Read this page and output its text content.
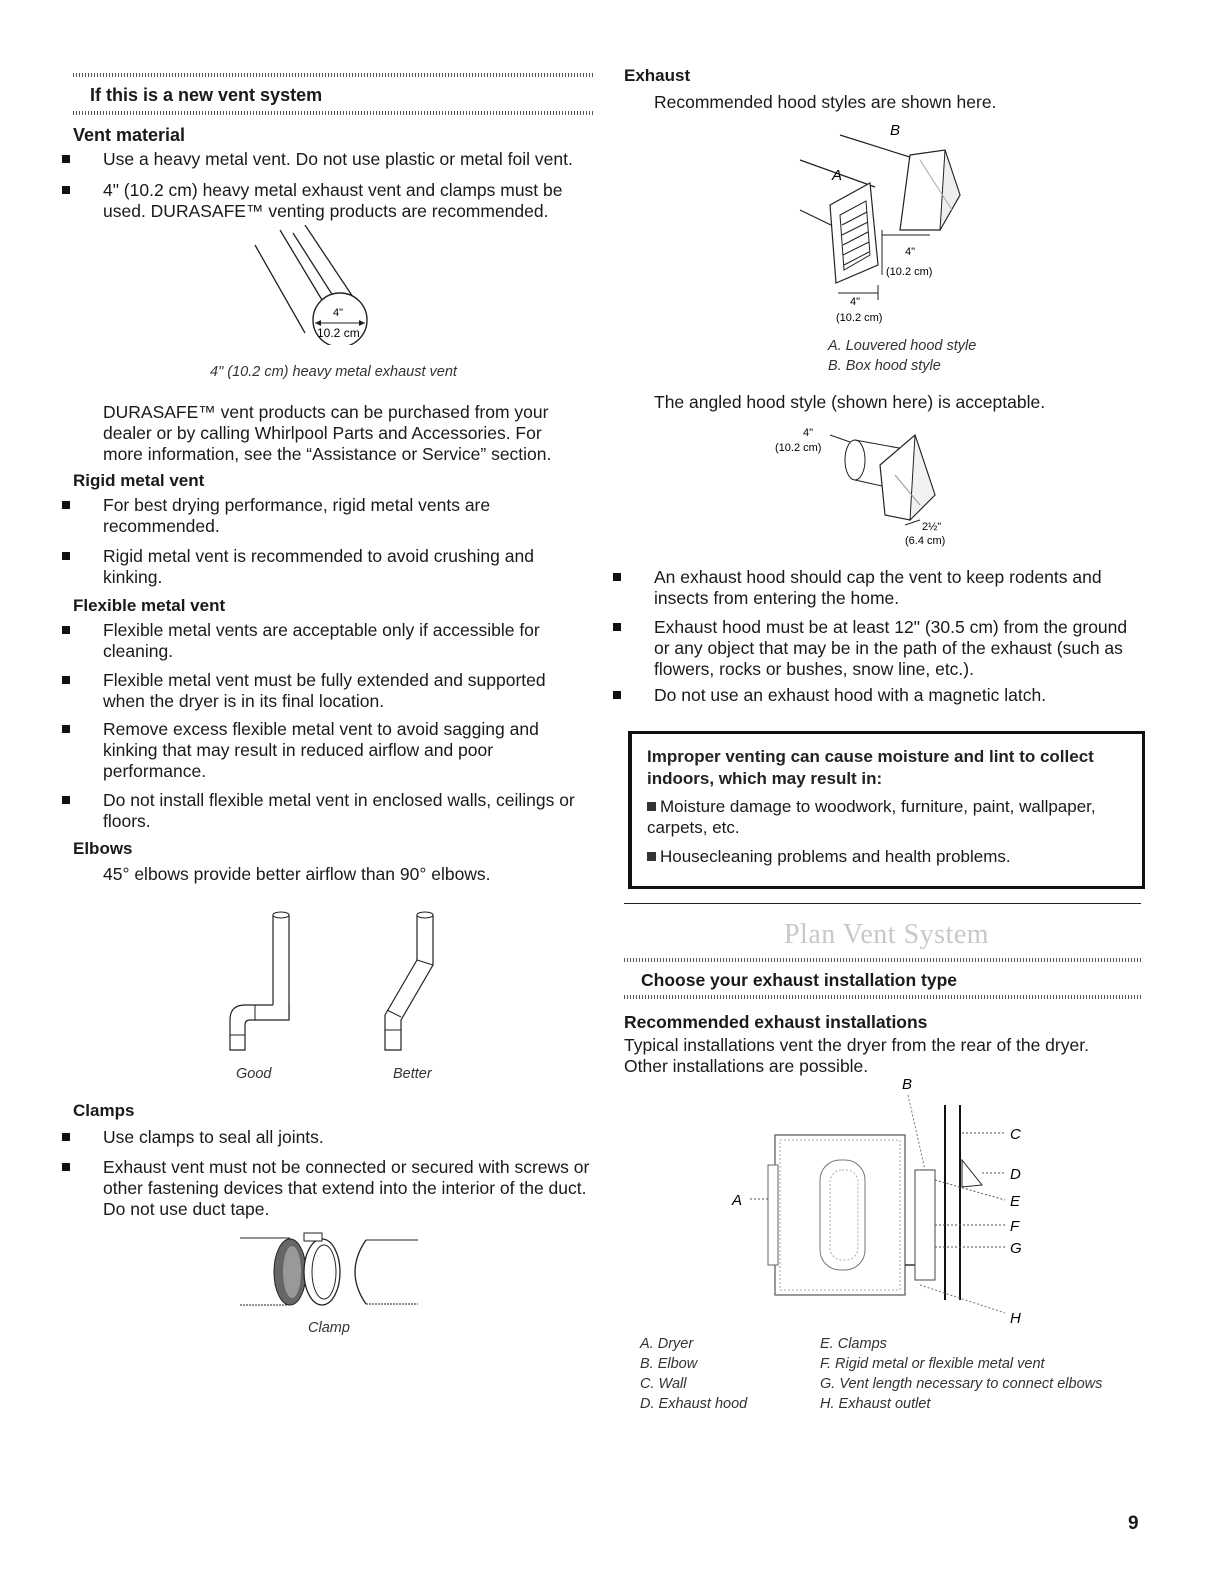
If this is a new vent system
Vent material
Use a heavy metal vent. Do not use plastic or metal foil vent.
4" (10.2 cm) heavy metal exhaust vent and clamps must be used. DURASAFE™ venting products are recommended.
4"
10.2 cm
4" (10.2 cm) heavy metal exhaust vent
DURASAFE™ vent products can be purchased from your dealer or by calling Whirlpool Parts and Accessories. For more information, see the “Assistance or Service” section.
Rigid metal vent
For best drying performance, rigid metal vents are recommended.
Rigid metal vent is recommended to avoid crushing and kinking.
Flexible metal vent
Flexible metal vents are acceptable only if accessible for cleaning.
Flexible metal vent must be fully extended and supported when the dryer is in its final location.
Remove excess flexible metal vent to avoid sagging and kinking that may result in reduced airflow and poor performance.
Do not install flexible metal vent in enclosed walls, ceilings or floors.
Elbows
45° elbows provide better airflow than 90° elbows.
Good	Better
Clamps
Use clamps to seal all joints.
Exhaust vent must not be connected or secured with screws or other fastening devices that extend into the interior of the duct. Do not use duct tape.
Clamp
Exhaust
Recommended hood styles are shown here.
B
A
4"
(10.2 cm)
4"
(10.2 cm)
A. Louvered hood style
B. Box hood style
The angled hood style (shown here) is acceptable.
4"
(10.2 cm)
2½"
(6.4 cm)
An exhaust hood should cap the vent to keep rodents and insects from entering the home.
Exhaust hood must be at least 12" (30.5 cm) from the ground or any object that may be in the path of the exhaust (such as flowers, rocks or bushes, snow line, etc.).
Do not use an exhaust hood with a magnetic latch.
Improper venting can cause moisture and lint to collect indoors, which may result in:
Moisture damage to woodwork, furniture, paint, wallpaper, carpets, etc.
Housecleaning problems and health problems.
Plan Vent System
Choose your exhaust installation type
Recommended exhaust installations
Typical installations vent the dryer from the rear of the dryer. Other installations are possible.
A
B
C
D
E
F
G
H
A. Dryer
B. Elbow
C. Wall
D. Exhaust hood
E. Clamps
F. Rigid metal or flexible metal vent
G. Vent length necessary to connect elbows
H. Exhaust outlet
9
